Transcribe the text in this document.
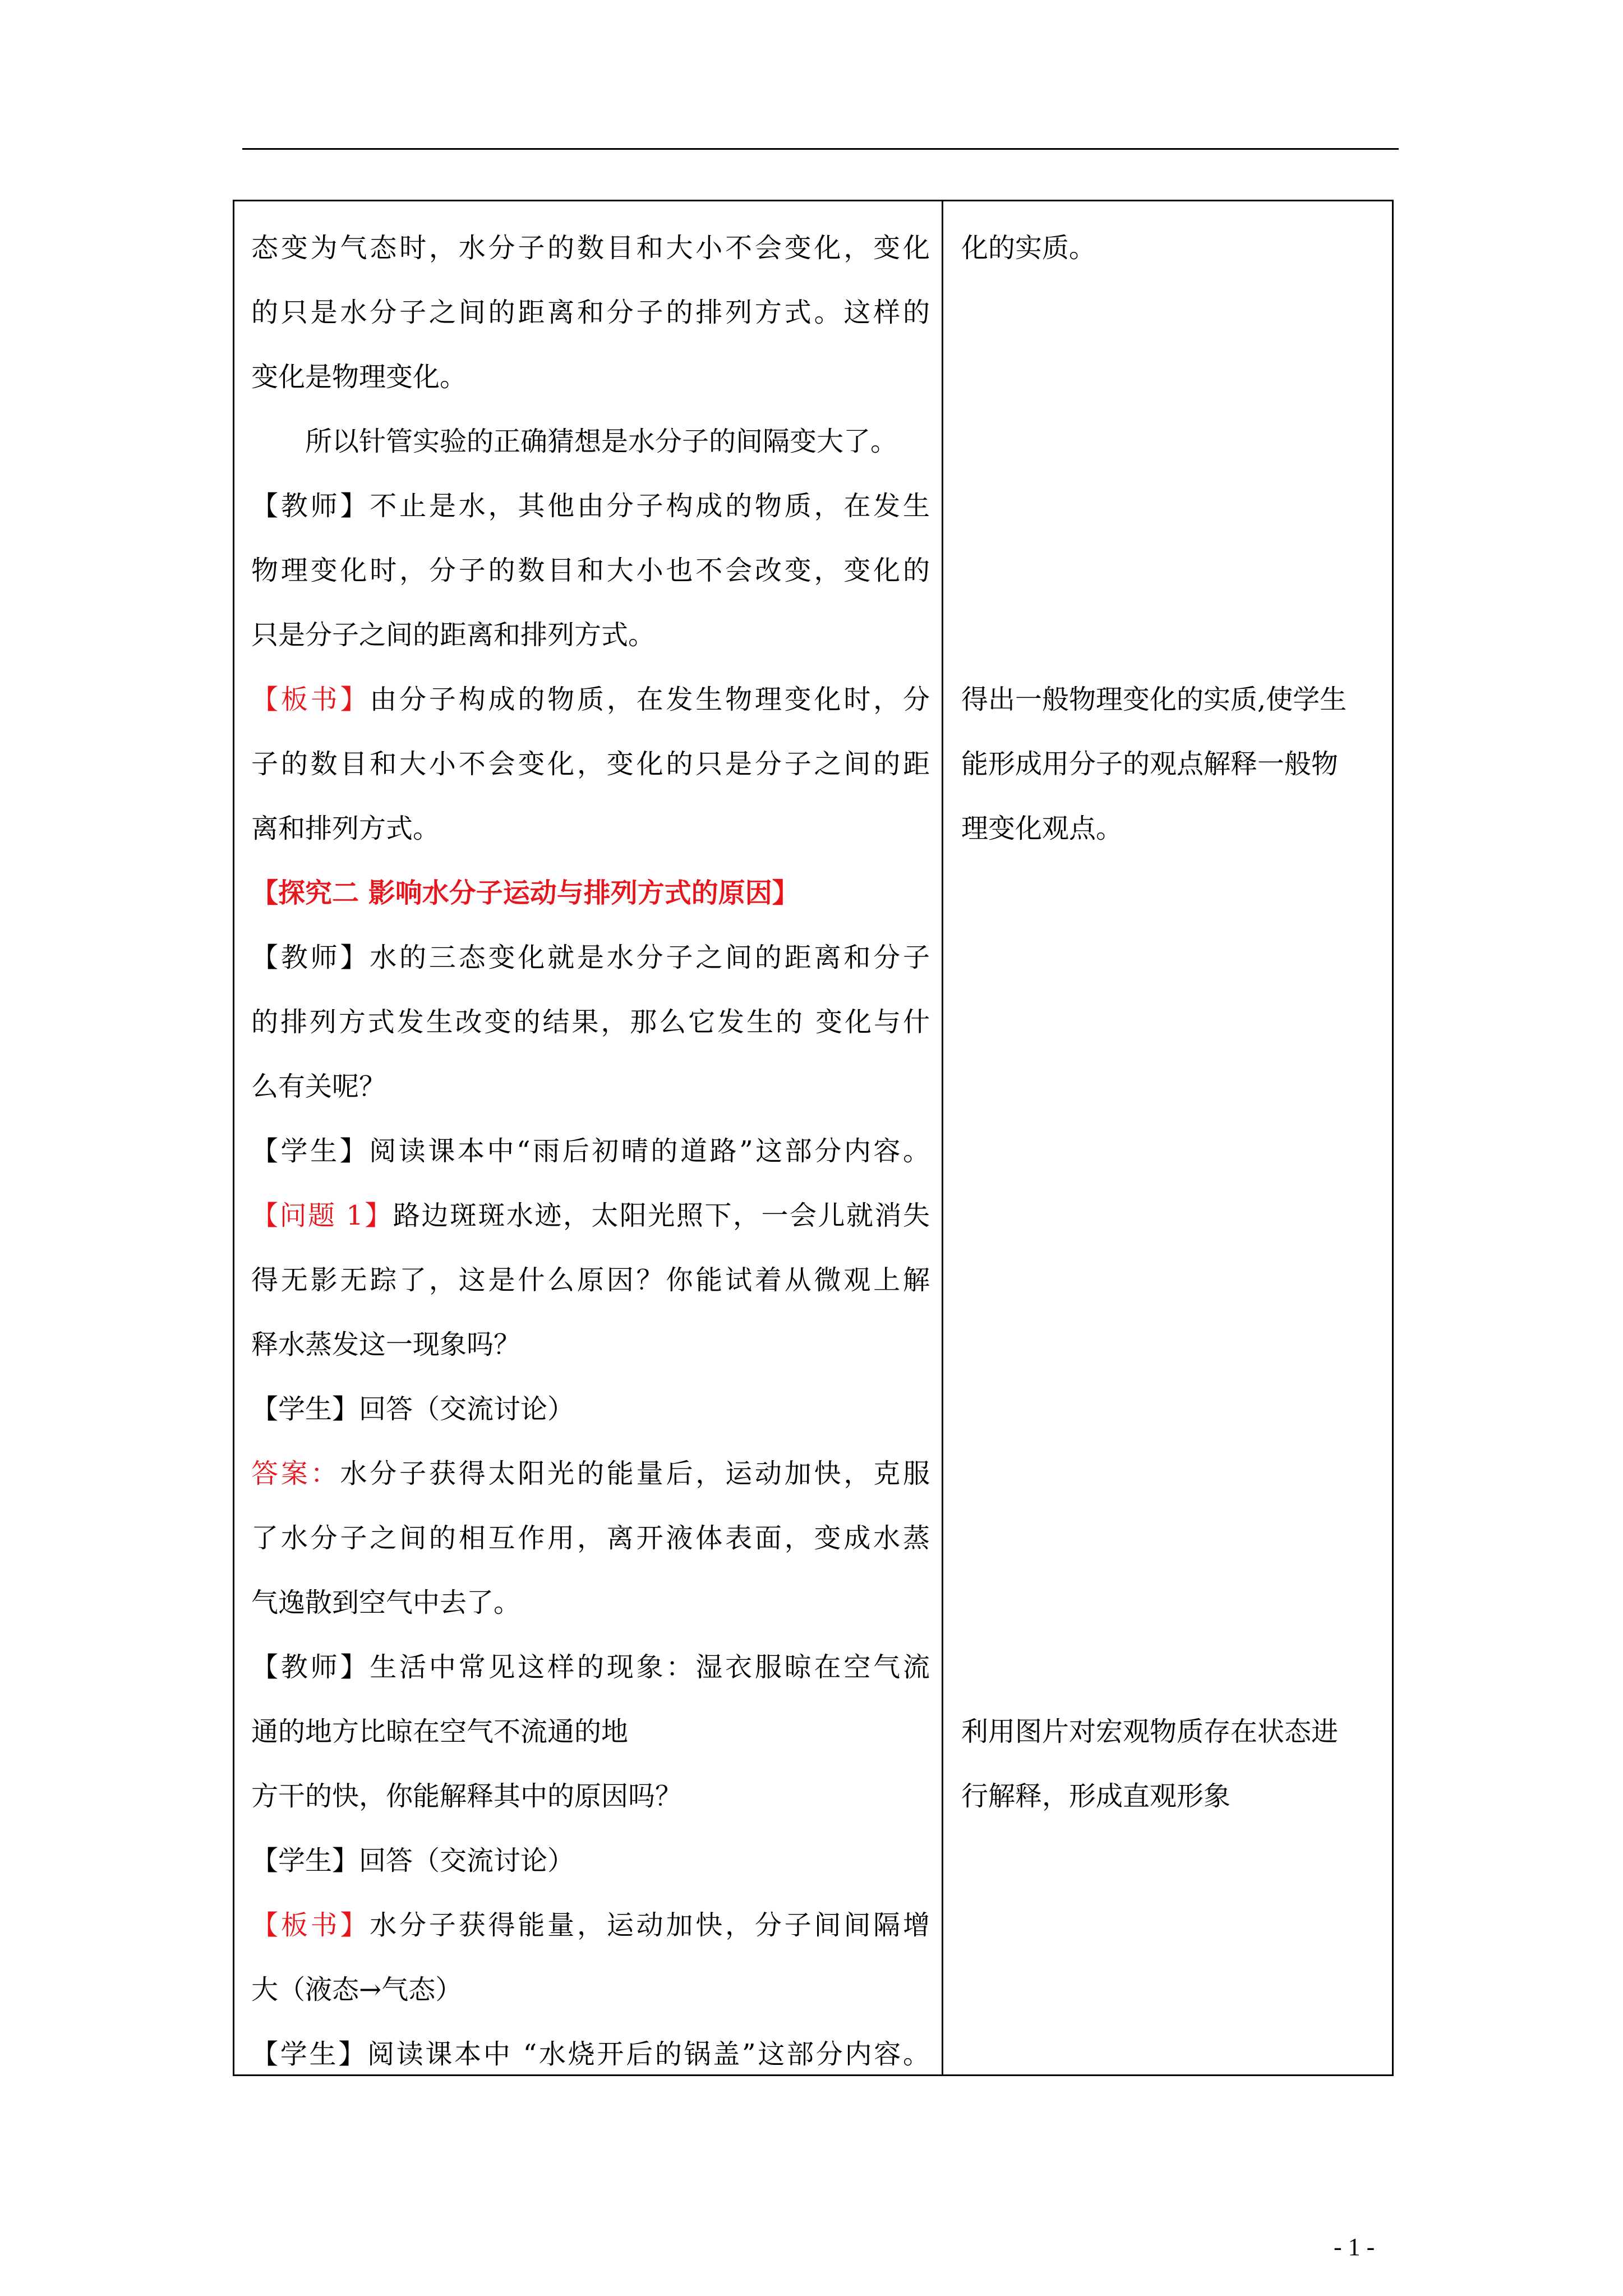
态变为气态时，水分子的数目和大小不会变化，变化
的只是水分子之间的距离和分子的排列方式。这样的
变化是物理变化。
所以针管实验的正确猜想是水分子的间隔变大了。
【教师】不止是水，其他由分子构成的物质，在发生
物理变化时，分子的数目和大小也不会改变，变化的
只是分子之间的距离和排列方式。
【板书】由分子构成的物质，在发生物理变化时，分
子的数目和大小不会变化，变化的只是分子之间的距
离和排列方式。
【探究二 影响水分子运动与排列方式的原因】
【教师】水的三态变化就是水分子之间的距离和分子
的排列方式发生改变的结果，那么它发生的 变化与什
么有关呢？
【学生】阅读课本中“雨后初晴的道路”这部分内容。
【问题 1】路边斑斑水迹，太阳光照下，一会儿就消失
得无影无踪了，这是什么原因？你能试着从微观上解
释水蒸发这一现象吗？
【学生】回答（交流讨论）
答案：水分子获得太阳光的能量后，运动加快，克服
了水分子之间的相互作用，离开液体表面，变成水蒸
气逸散到空气中去了。
【教师】生活中常见这样的现象：湿衣服晾在空气流
通的地方比晾在空气不流通的地
方干的快，你能解释其中的原因吗？
【学生】回答（交流讨论）
【板书】水分子获得能量，运动加快，分子间间隔增
大（液态→气态）
【学生】阅读课本中 “水烧开后的锅盖”这部分内容。
化的实质。
得出一般物理变化的实质,使学生
能形成用分子的观点解释一般物
理变化观点。
利用图片对宏观物质存在状态进
行解释，形成直观形象
- 1 -
